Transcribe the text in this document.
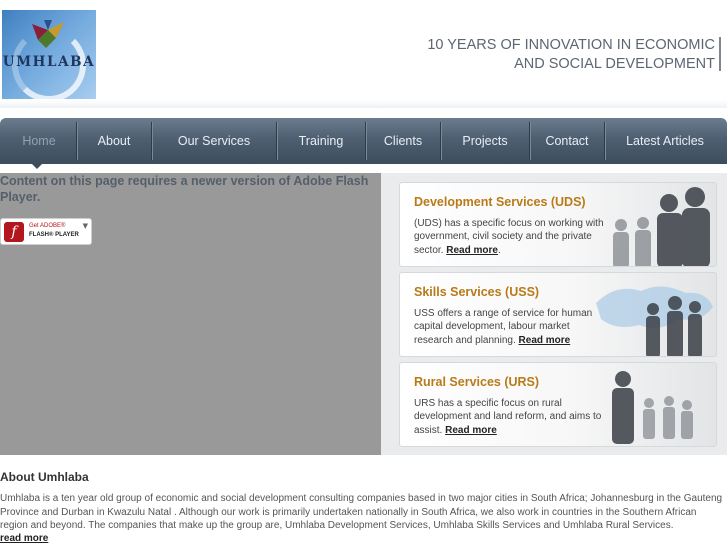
UMHLABA
10 YEARS OF INNOVATION IN ECONOMIC
AND SOCIAL DEVELOPMENT
Home	About	Our Services	Training	Clients	Projects	Contact	Latest Articles
Content on this page requires a newer version of Adobe Flash Player.
f	Get ADOBE®
FLASH® PLAYER
▼
Development Services (UDS)
(UDS) has a specific focus on working with government, civil society and the private sector. Read more.
Skills Services (USS)
USS offers a range of service for human capital development, labour market research and planning. Read more
Rural Services (URS)
URS has a specific focus on rural development and land reform, and aims to assist. Read more
About Umhlaba
Umhlaba is a ten year old group of economic and social development consulting companies based in two major cities in South Africa; Johannesburg in the Gauteng Province and Durban in Kwazulu Natal . Although our work is primarily undertaken nationally in South Africa, we also work in countries in the Southern African region and beyond. The companies that make up the group are, Umhlaba Development Services, Umhlaba Skills Services and Umhlaba Rural Services.
read more
